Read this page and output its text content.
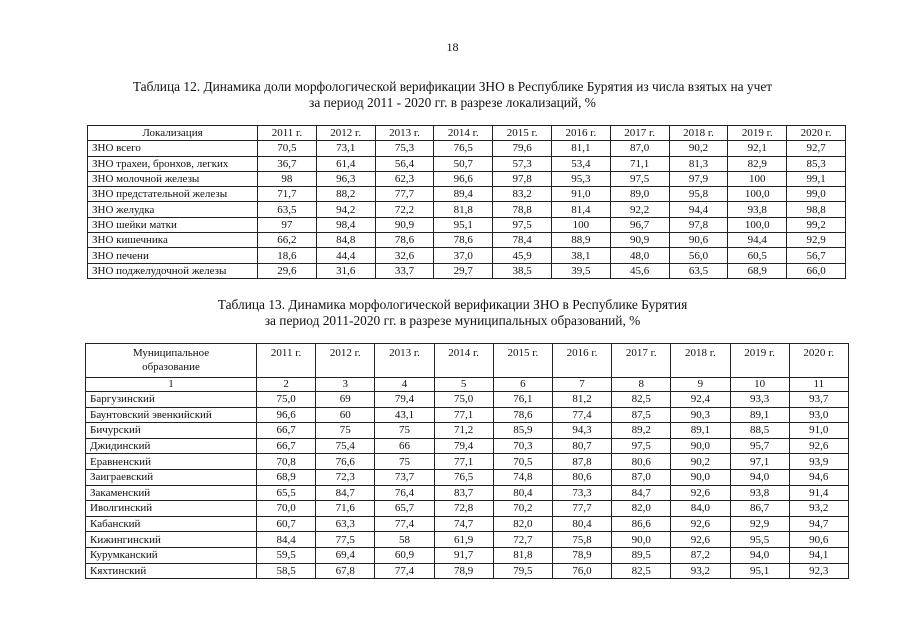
18
Таблица 12. Динамика доли морфологической верификации ЗНО в Республике Бурятия из числа взятых на учет
за период 2011 - 2020 гг. в разрезе локализаций, %
Локализация	2011 г.	2012 г.	2013 г.	2014 г.	2015 г.	2016 г.	2017 г.	2018 г.	2019 г.	2020 г.
ЗНО всего	70,5	73,1	75,3	76,5	79,6	81,1	87,0	90,2	92,1	92,7
ЗНО трахеи, бронхов, легких	36,7	61,4	56,4	50,7	57,3	53,4	71,1	81,3	82,9	85,3
ЗНО молочной железы	98	96,3	62,3	96,6	97,8	95,3	97,5	97,9	100	99,1
ЗНО предстательной железы	71,7	88,2	77,7	89,4	83,2	91,0	89,0	95,8	100,0	99,0
ЗНО желудка	63,5	94,2	72,2	81,8	78,8	81,4	92,2	94,4	93,8	98,8
ЗНО шейки матки	97	98,4	90,9	95,1	97,5	100	96,7	97,8	100,0	99,2
ЗНО кишечника	66,2	84,8	78,6	78,6	78,4	88,9	90,9	90,6	94,4	92,9
ЗНО печени	18,6	44,4	32,6	37,0	45,9	38,1	48,0	56,0	60,5	56,7
ЗНО поджелудочной железы	29,6	31,6	33,7	29,7	38,5	39,5	45,6	63,5	68,9	66,0
Таблица 13. Динамика морфологической верификации ЗНО в Республике Бурятия
за период 2011-2020 гг. в разрезе муниципальных образований, %
Муниципальное
образование	2011 г.	2012 г.	2013 г.	2014 г.	2015 г.	2016 г.	2017 г.	2018 г.	2019 г.	2020 г.
1	2	3	4	5	6	7	8	9	10	11
Баргузинский	75,0	69	79,4	75,0	76,1	81,2	82,5	92,4	93,3	93,7
Баунтовский эвенкийский	96,6	60	43,1	77,1	78,6	77,4	87,5	90,3	89,1	93,0
Бичурский	66,7	75	75	71,2	85,9	94,3	89,2	89,1	88,5	91,0
Джидинский	66,7	75,4	66	79,4	70,3	80,7	97,5	90,0	95,7	92,6
Еравненский	70,8	76,6	75	77,1	70,5	87,8	80,6	90,2	97,1	93,9
Заиграевский	68,9	72,3	73,7	76,5	74,8	80,6	87,0	90,0	94,0	94,6
Закаменский	65,5	84,7	76,4	83,7	80,4	73,3	84,7	92,6	93,8	91,4
Иволгинский	70,0	71,6	65,7	72,8	70,2	77,7	82,0	84,0	86,7	93,2
Кабанский	60,7	63,3	77,4	74,7	82,0	80,4	86,6	92,6	92,9	94,7
Кижингинский	84,4	77,5	58	61,9	72,7	75,8	90,0	92,6	95,5	90,6
Курумканский	59,5	69,4	60,9	91,7	81,8	78,9	89,5	87,2	94,0	94,1
Кяхтинский	58,5	67,8	77,4	78,9	79,5	76,0	82,5	93,2	95,1	92,3
